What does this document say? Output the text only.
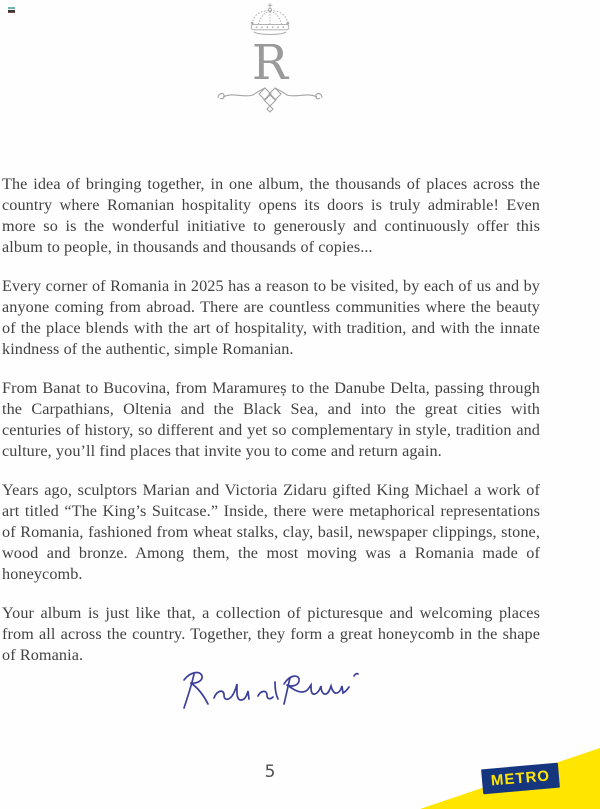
R

The idea of bringing together, in one album, the thousands of places across the country where Romanian hospitality opens its doors is truly admirable! Even more so is the wonderful initiative to generously and continuously offer this album to people, in thousands and thousands of copies...

Every corner of Romania in 2025 has a reason to be visited, by each of us and by anyone coming from abroad. There are countless communities where the beauty of the place blends with the art of hospitality, with tradition, and with the innate kindness of the authentic, simple Romanian.

From Banat to Bucovina, from Maramureș to the Danube Delta, passing through the Carpathians, Oltenia and the Black Sea, and into the great cities with centuries of history, so different and yet so complementary in style, tradition and culture, you’ll find places that invite you to come and return again.

Years ago, sculptors Marian and Victoria Zidaru gifted King Michael a work of art titled “The King’s Suitcase.” Inside, there were metaphorical representations of Romania, fashioned from wheat stalks, clay, basil, newspaper clippings, stone, wood and bronze. Among them, the most moving was a Romania made of honeycomb.

Your album is just like that, a collection of picturesque and welcoming places from all across the country. Together, they form a great honeycomb in the shape of Romania.

5	METRO
